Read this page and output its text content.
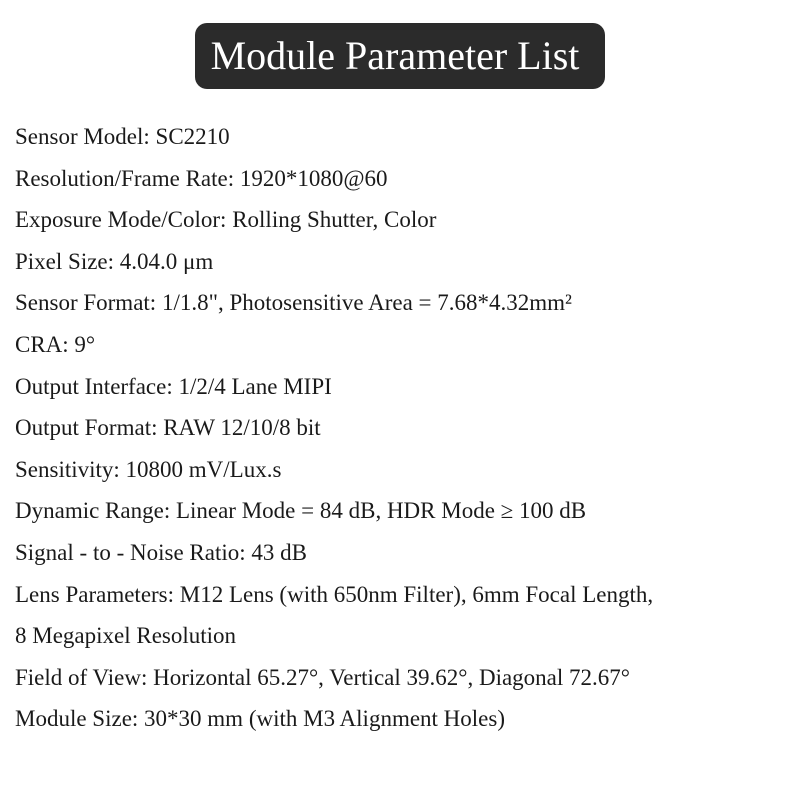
Module Parameter List
Sensor Model: SC2210
Resolution/Frame Rate: 1920*1080@60
Exposure Mode/Color: Rolling Shutter, Color
Pixel Size: 4.04.0 μm
Sensor Format: 1/1.8", Photosensitive Area = 7.68*4.32mm²
CRA: 9°
Output Interface: 1/2/4 Lane MIPI
Output Format: RAW 12/10/8 bit
Sensitivity: 10800 mV/Lux.s
Dynamic Range: Linear Mode = 84 dB, HDR Mode ≥ 100 dB
Signal - to - Noise Ratio: 43 dB
Lens Parameters: M12 Lens (with 650nm Filter), 6mm Focal Length,
8 Megapixel Resolution
Field of View: Horizontal 65.27°, Vertical 39.62°, Diagonal 72.67°
Module Size: 30*30 mm (with M3 Alignment Holes)
